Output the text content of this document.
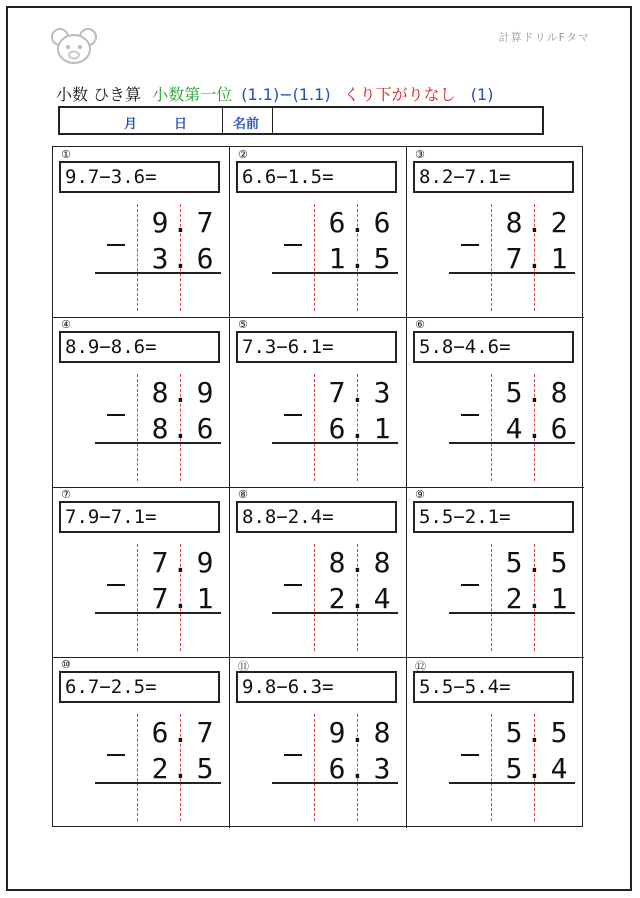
計算ドリルFタマ
小数 ひき算 小数第一位 (1.1)−(1.1) くり下がりなし (1)
月	日	名前
①
9.7−3.6=
9 . 7
3 . 6
②
6.6−1.5=
6 . 6
1 . 5
③
8.2−7.1=
8 . 2
7 . 1
④
8.9−8.6=
8 . 9
8 . 6
⑤
7.3−6.1=
7 . 3
6 . 1
⑥
5.8−4.6=
5 . 8
4 . 6
⑦
7.9−7.1=
7 . 9
7 . 1
⑧
8.8−2.4=
8 . 8
2 . 4
⑨
5.5−2.1=
5 . 5
2 . 1
⑩
6.7−2.5=
6 . 7
2 . 5
⑪
9.8−6.3=
9 . 8
6 . 3
⑫
5.5−5.4=
5 . 5
5 . 4
